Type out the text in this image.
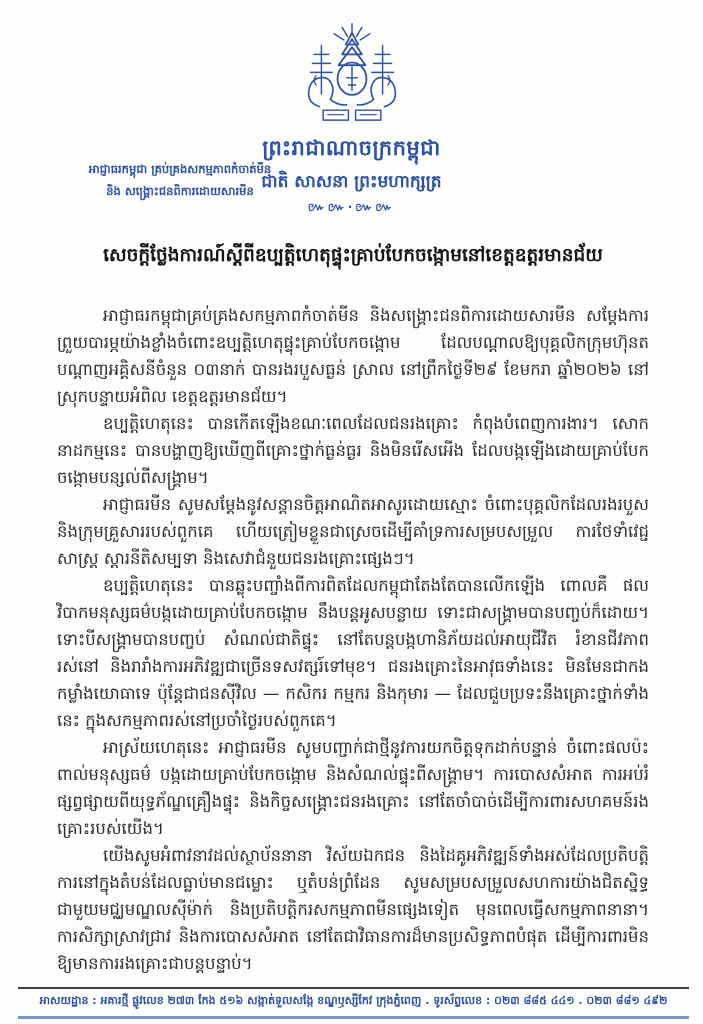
ព្រះរាជាណាចក្រកម្ពុជា
ជាតិ សាសនា ព្រះមហាក្សត្រ
៚៚·៚៚
អាជ្ញាធរកម្ពុជា គ្រប់គ្រងសកម្មភាពកំចាត់មីន
និង សង្គ្រោះជនពិការដោយសារមីន
សេចក្តីថ្លែងការណ៍ស្តីពីឧប្បត្តិហេតុផ្ទុះគ្រាប់បែកចង្កោមនៅខេត្តឧត្តរមានជ័យ

អាជ្ញាធរកម្ពុជាគ្រប់គ្រងសកម្មភាពកំចាត់មីន និងសង្គ្រោះជនពិការដោយសារមីន សម្តែងការព្រួយបារម្ភយ៉ាងខ្លាំងចំពោះឧប្បត្តិហេតុផ្ទុះគ្រាប់បែកចង្កោម ដែលបណ្តាលឱ្យបុគ្គលិកក្រុមហ៊ុនតបណ្តាញអគ្គិសនីចំនួន ០៣នាក់ បានរងរបួសធ្ងន់ ស្រាល នៅព្រឹកថ្ងៃទី២៩ ខែមករា ឆ្នាំ២០២៦ នៅស្រុកបន្ទាយអំពិល ខេត្តឧត្តរមានជ័យ។

ឧប្បត្តិហេតុនេះ បានកើតឡើងខណៈពេលដែលជនរងគ្រោះ កំពុងបំពេញការងារ។ សោកនាដកម្មនេះ បានបង្ហាញឱ្យឃើញពីគ្រោះថ្នាក់ធ្ងន់ធ្ងរ និងមិនរើសអើង ដែលបង្កឡើងដោយគ្រាប់បែកចង្កោមបន្សល់ពីសង្គ្រាម។

អាជ្ញាធរមីន សូមសម្តែងនូវសន្តានចិត្តអាណិតអាសូរដោយស្មោះ ចំពោះបុគ្គលិកដែលរងរបួស និងក្រុមគ្រួសាររបស់ពួកគេ ហើយត្រៀមខ្លួនជាស្រេចដើម្បីគាំទ្រការសម្របសម្រួល ការថែទាំវេជ្ជសាស្ត្រ ស្តារនីតិសម្បទា និងសេវាជំនួយជនរងគ្រោះផ្សេងៗ។

ឧប្បត្តិហេតុនេះ បានឆ្លុះបញ្ចាំងពីការពិតដែលកម្ពុជាតែងតែបានលើកឡើង ពោលគឺ ផលវិបាកមនុស្សធម៌បង្កដោយគ្រាប់បែកចង្កោម នឹងបន្តអូសបន្លាយ ទោះជាសង្គ្រាមបានបញ្ចប់ក៏ដោយ។ ទោះបីសង្គ្រាមបានបញ្ចប់ សំណល់ជាតិផ្ទុះ នៅតែបន្តបង្កហានិភ័យដល់អាយុជីវិត រំខានជីវភាពរស់នៅ និងរារាំងការអភិវឌ្ឍជាច្រើនទសវត្សរ៍ទៅមុខ។ ជនរងគ្រោះនៃអាវុធទាំងនេះ មិនមែនជាកងកម្លាំងយោធាទេ ប៉ុន្តែជាជនស៊ីវិល — កសិករ កម្មករ និងកុមារ — ដែលជួបប្រទះនឹងគ្រោះថ្នាក់ទាំងនេះ ក្នុងសកម្មភាពរស់នៅប្រចាំថ្ងៃរបស់ពួកគេ។

អាស្រ័យហេតុនេះ អាជ្ញាធរមីន សូមបញ្ជាក់ជាថ្មីនូវការយកចិត្តទុកដាក់បន្ទាន់ ចំពោះផលប៉ះពាល់មនុស្សធម៌ បង្កដោយគ្រាប់បែកចង្កោម និងសំណល់ផ្ទុះពីសង្គ្រាម។ ការបោសសំអាត ការអប់រំផ្សព្វផ្សាយពីយុទ្ធភ័ណ្ឌគ្រឿងផ្ទុះ និងកិច្ចសង្គ្រោះជនរងគ្រោះ នៅតែចាំបាច់ដើម្បីការពារសហគមន៍រងគ្រោះរបស់យើង។

យើងសូមអំពាវនាវដល់ស្ថាប័ននានា វិស័យឯកជន និងដៃគូអភិវឌ្ឍន៍ទាំងអស់ដែលប្រតិបត្តិការនៅក្នុងតំបន់ដែលធ្លាប់មានជម្លោះ ឬតំបន់ព្រំដែន សូមសម្របសម្រួលសហការយ៉ាងជិតស្និទ្ធជាមួយមជ្ឈមណ្ឌលស៊ីម៉ាក់ និងប្រតិបត្តិករសកម្មភាពមីនផ្សេងទៀត មុនពេលធ្វើសកម្មភាពនានា។ ការសិក្សាស្រាវជ្រាវ និងការបោសសំអាត នៅតែជាវិធានការដ៏មានប្រសិទ្ធភាពបំផុត ដើម្បីការពារមិនឱ្យមានការរងគ្រោះជាបន្តបន្ទាប់។

អាសយដ្ឋាន : អគារថ្មី ផ្លូវលេខ ២៧៣ កែង ៥១៦ សង្កាត់ទួលសង្កែ ខណ្ឌឫស្សីកែវ ក្រុងភ្នំពេញ . ទូរស័ព្ទលេខ : ០២៣ ៨៨៥ ៤៤១ . ០២៣ ៨៨១ ៤៩២
